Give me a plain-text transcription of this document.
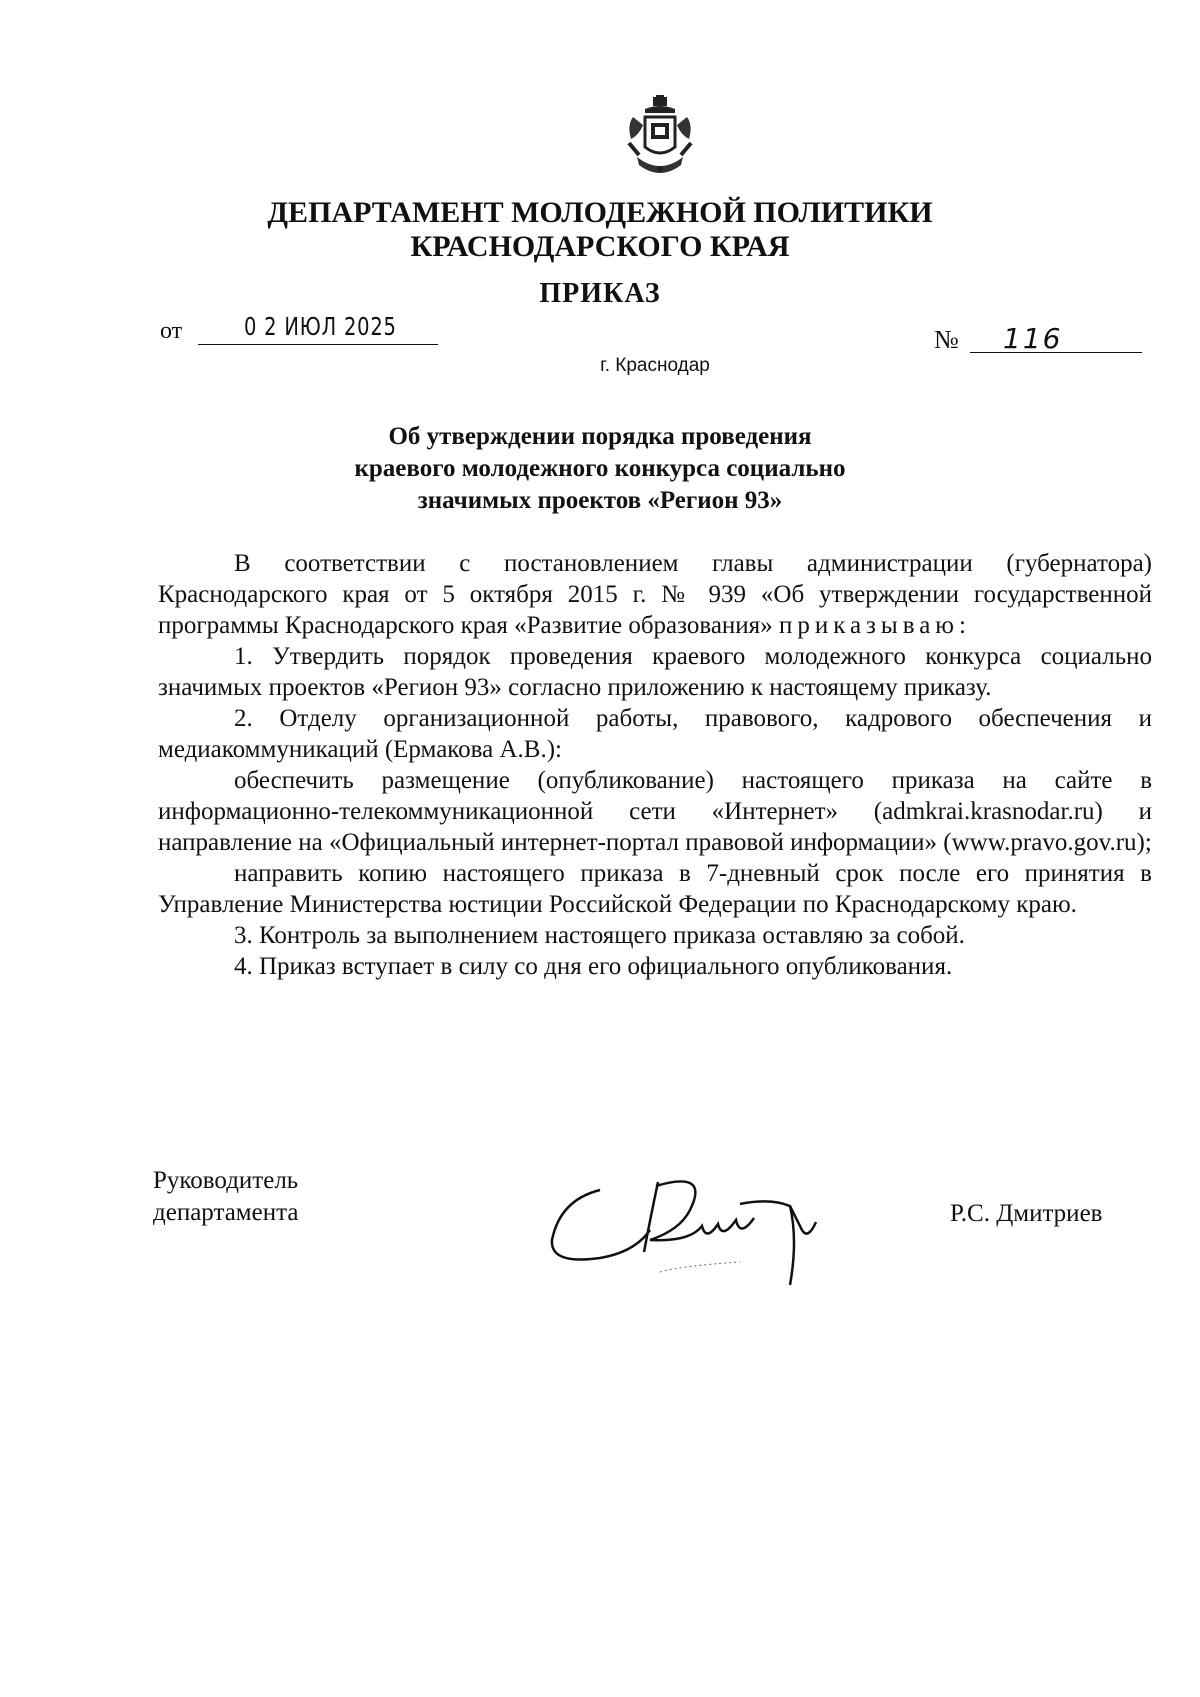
ДЕПАРТАМЕНТ МОЛОДЕЖНОЙ ПОЛИТИКИ
КРАСНОДАРСКОГО КРАЯ
ПРИКАЗ
от 0 2 ИЮЛ 2025	№ 116
г. Краснодар
Об утверждении порядка проведения
краевого молодежного конкурса социально
значимых проектов «Регион 93»

В соответствии с постановлением главы администрации (губернатора) Краснодарского края от 5 октября 2015 г. № 939 «Об утверждении государственной программы Краснодарского края «Развитие образования» приказываю:

1. Утвердить порядок проведения краевого молодежного конкурса социально значимых проектов «Регион 93» согласно приложению к настоящему приказу.

2. Отделу организационной работы, правового, кадрового обеспечения и медиакоммуникаций (Ермакова А.В.):

обеспечить размещение (опубликование) настоящего приказа на сайте в информационно-телекоммуникационной сети «Интернет» (admkrai.krasnodar.ru) и направление на «Официальный интернет-портал правовой информации» (www.pravo.gov.ru);

направить копию настоящего приказа в 7-дневный срок после его принятия в Управление Министерства юстиции Российской Федерации по Краснодарскому краю.

3. Контроль за выполнением настоящего приказа оставляю за собой.

4. Приказ вступает в силу со дня его официального опубликования.

Руководитель
департамента	Р.С. Дмитриев
